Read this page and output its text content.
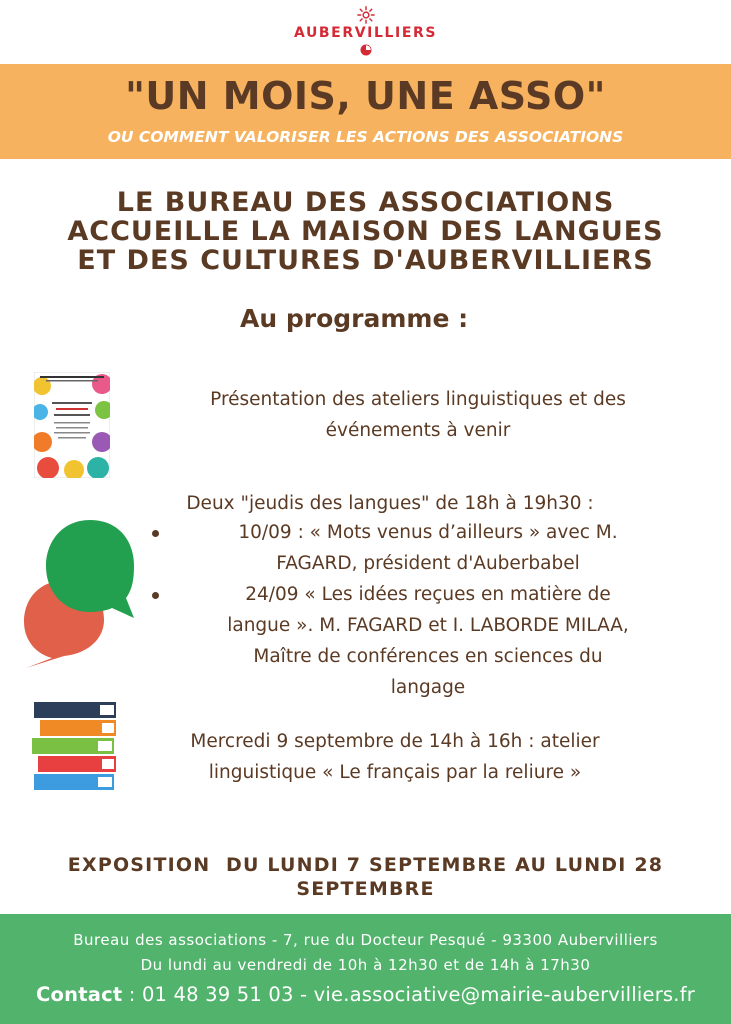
AUBERVILLIERS
"UN MOIS, UNE ASSO"
OU COMMENT VALORISER LES ACTIONS DES ASSOCIATIONS
LE BUREAU DES ASSOCIATIONS
ACCUEILLE LA MAISON DES LANGUES
ET DES CULTURES D'AUBERVILLIERS
Au programme :
Présentation des ateliers linguistiques et des
événements à venir
Deux "jeudis des langues" de 18h à 19h30 :
10/09 : « Mots venus d’ailleurs » avec M.
FAGARD, président d'Auberbabel
24/09 « Les idées reçues en matière de
langue ». M. FAGARD et I. LABORDE MILAA,
Maître de conférences en sciences du
langage
Mercredi 9 septembre de 14h à 16h : atelier
linguistique « Le français par la reliure »
EXPOSITION  DU LUNDI 7 SEPTEMBRE AU LUNDI 28
SEPTEMBRE
Bureau des associations - 7, rue du Docteur Pesqué - 93300 Aubervilliers
Du lundi au vendredi de 10h à 12h30 et de 14h à 17h30
Contact : 01 48 39 51 03 - vie.associative@mairie-aubervilliers.fr
